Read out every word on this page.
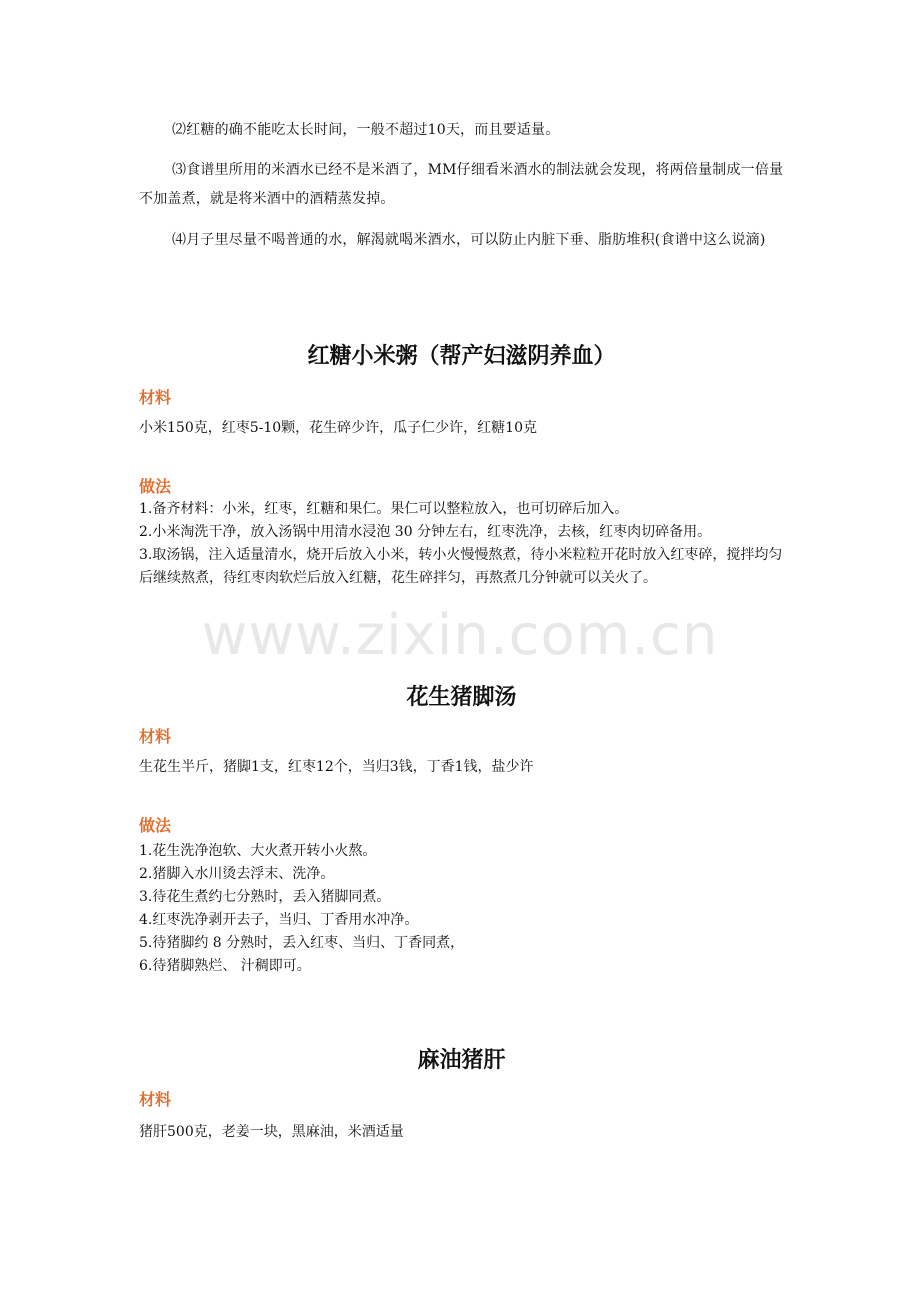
⑵红糖的确不能吃太长时间，一般不超过10天，而且要适量。

⑶食谱里所用的米酒水已经不是米酒了，MM仔细看米酒水的制法就会发现，将两倍量制成一倍量不加盖煮，就是将米酒中的酒精蒸发掉。

⑷月子里尽量不喝普通的水，解渴就喝米酒水，可以防止内脏下垂、脂肪堆积(食谱中这么说滴)

红糖小米粥（帮产妇滋阴养血）

材料

小米150克，红枣5-10颗，花生碎少许，瓜子仁少许，红糖10克

做法

1.备齐材料：小米，红枣，红糖和果仁。果仁可以整粒放入，也可切碎后加入。
2.小米淘洗干净，放入汤锅中用清水浸泡 30 分钟左右，红枣洗净，去核，红枣肉切碎备用。
3.取汤锅，注入适量清水，烧开后放入小米，转小火慢慢熬煮，待小米粒粒开花时放入红枣碎，搅拌均匀后继续熬煮，待红枣肉软烂后放入红糖，花生碎拌匀，再熬煮几分钟就可以关火了。
花生猪脚汤

材料

生花生半斤，猪脚1支，红枣12个，当归3钱，丁香1钱，盐少许

做法

1.花生洗净泡软、大火煮开转小火熬。
2.猪脚入水川烫去浮末、洗净。
3.待花生煮约七分熟时，丢入猪脚同煮。
4.红枣洗净剥开去子，当归、丁香用水冲净。
5.待猪脚约 8 分熟时，丢入红枣、当归、丁香同煮，
6.待猪脚熟烂、 汁稠即可。
麻油猪肝

材料

猪肝500克，老姜一块，黑麻油，米酒适量

www.zixin.com.cn
